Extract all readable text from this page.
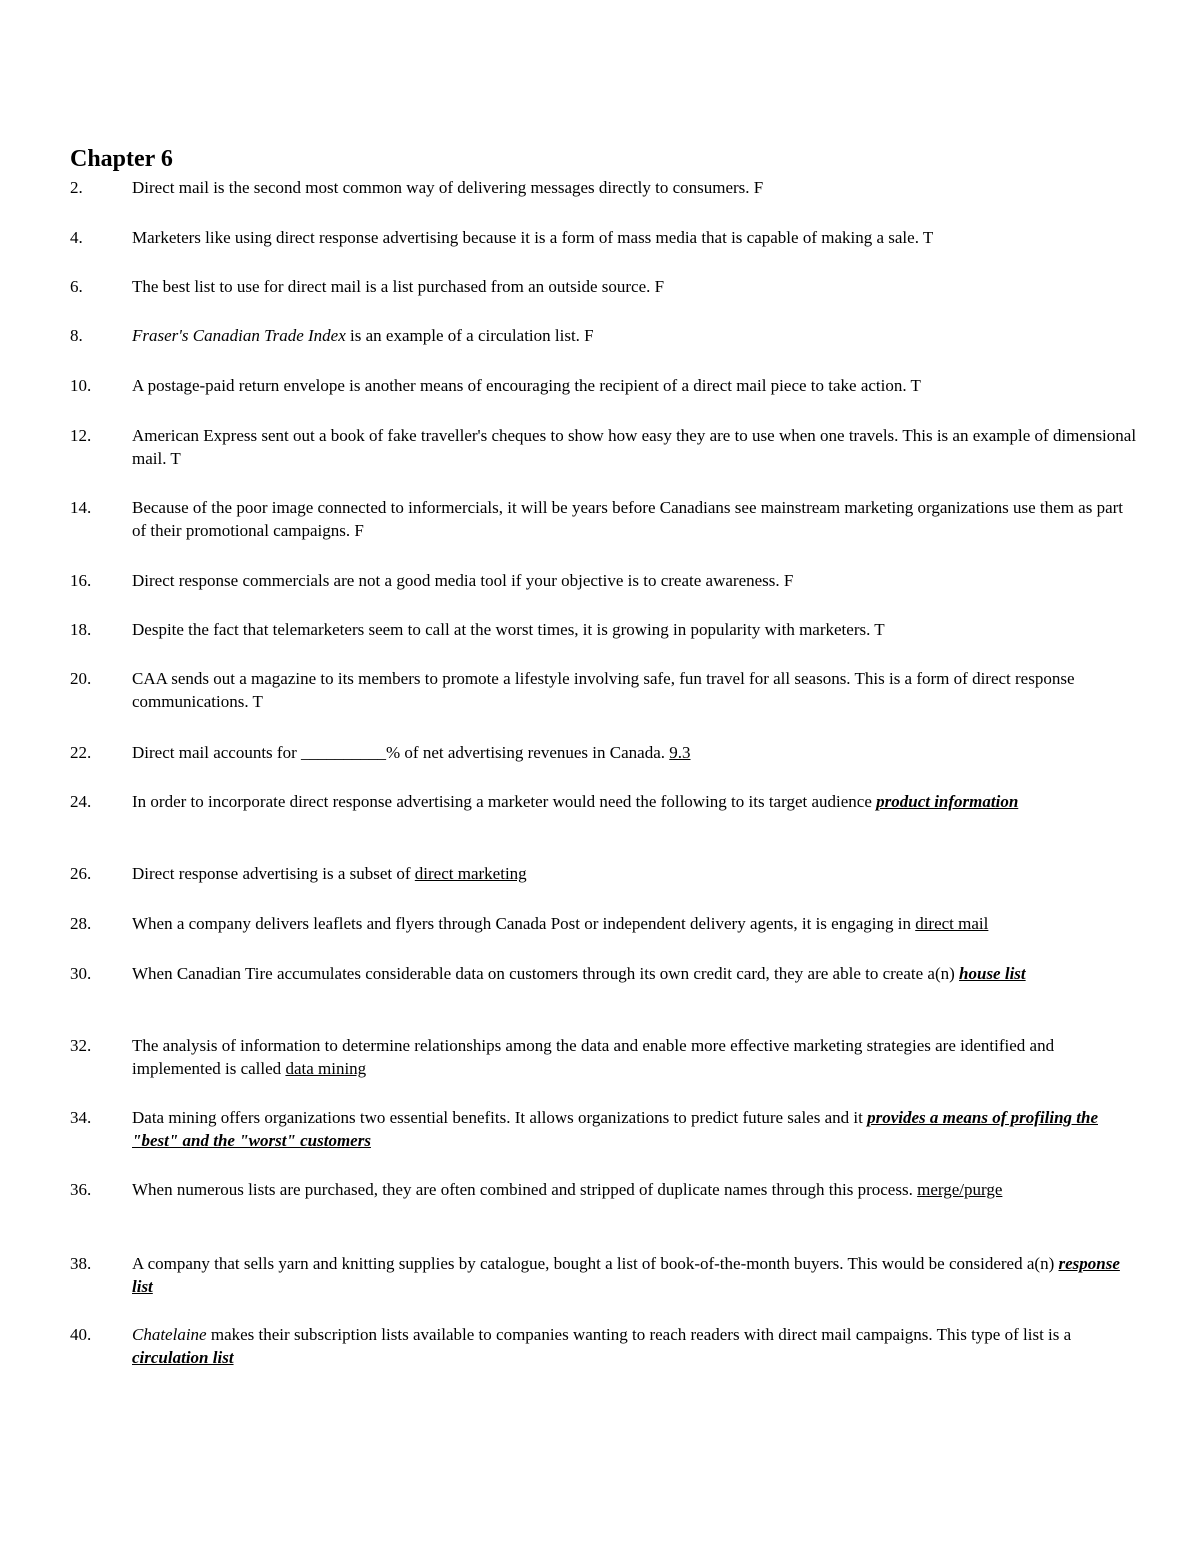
Chapter 6
2.	Direct mail is the second most common way of delivering messages directly to consumers. F
4.	Marketers like using direct response advertising because it is a form of mass media that is capable of making a sale. T
6.	The best list to use for direct mail is a list purchased from an outside source. F
8.	Fraser's Canadian Trade Index is an example of a circulation list. F
10.	A postage-paid return envelope is another means of encouraging the recipient of a direct mail piece to take action. T
12.	American Express sent out a book of fake traveller's cheques to show how easy they are to use when one travels. This is an example of dimensional mail. T
14.	Because of the poor image connected to informercials, it will be years before Canadians see mainstream marketing organizations use them as part of their promotional campaigns. F
16.	Direct response commercials are not a good media tool if your objective is to create awareness. F
18.	Despite the fact that telemarketers seem to call at the worst times, it is growing in popularity with marketers. T
20.	CAA sends out a magazine to its members to promote a lifestyle involving safe, fun travel for all seasons. This is a form of direct response communications. T
22.	Direct mail accounts for __________% of net advertising revenues in Canada. 9.3
24.	In order to incorporate direct response advertising a marketer would need the following to its target audience product information
26.	Direct response advertising is a subset of direct marketing
28.	When a company delivers leaflets and flyers through Canada Post or independent delivery agents, it is engaging in direct mail
30.	When Canadian Tire accumulates considerable data on customers through its own credit card, they are able to create a(n) house list
32.	The analysis of information to determine relationships among the data and enable more effective marketing strategies are identified and implemented is called data mining
34.	Data mining offers organizations two essential benefits. It allows organizations to predict future sales and it provides a means of profiling the "best" and the "worst" customers
36.	When numerous lists are purchased, they are often combined and stripped of duplicate names through this process. merge/purge
38.	A company that sells yarn and knitting supplies by catalogue, bought a list of book-of-the-month buyers. This would be considered a(n) response list
40.	Chatelaine makes their subscription lists available to companies wanting to reach readers with direct mail campaigns. This type of list is a circulation list
